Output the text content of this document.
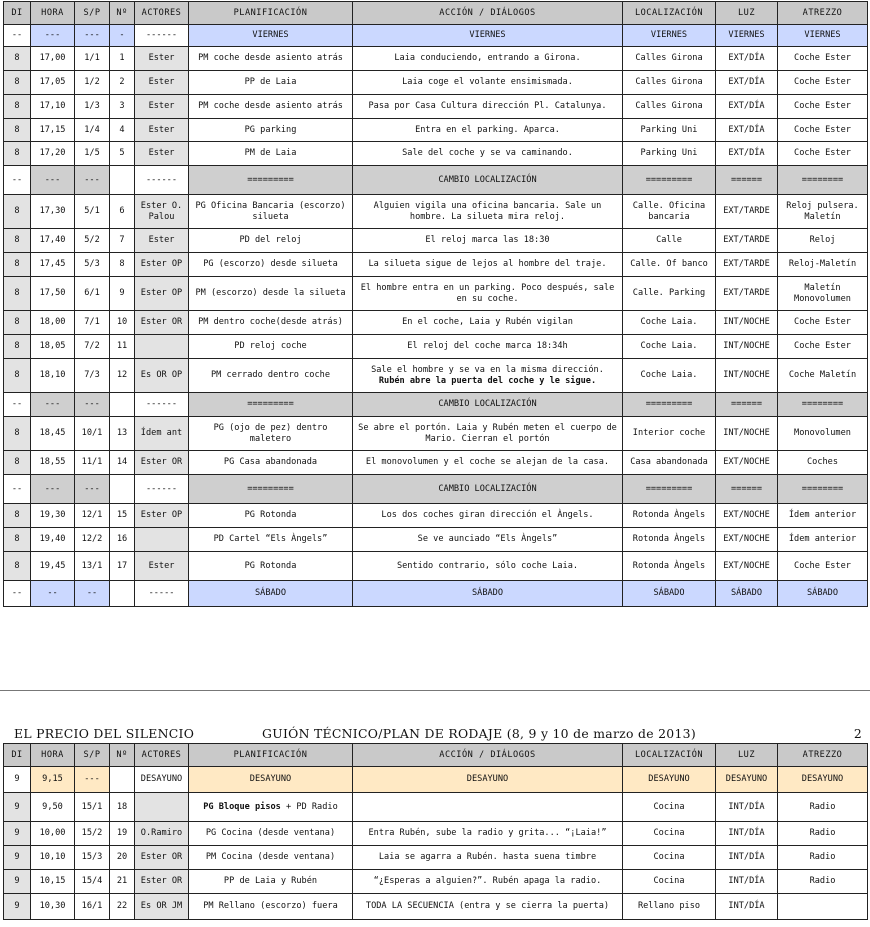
DI	HORA	S/P	Nº	ACTORES	PLANIFICACIÓN	ACCIÓN / DIÁLOGOS	LOCALIZACIÓN	LUZ	ATREZZO
--	---	---	-	------	VIERNES	VIERNES	VIERNES	VIERNES	VIERNES
8	17,00	1/1	1	Ester	PM coche desde asiento atrás	Laia conduciendo, entrando a Girona.	Calles Girona	EXT/DÍA	Coche Ester
8	17,05	1/2	2	Ester	PP de Laia	Laia coge el volante ensimismada.	Calles Girona	EXT/DÍA	Coche Ester
8	17,10	1/3	3	Ester	PM coche desde asiento atrás	Pasa por Casa Cultura dirección Pl. Catalunya.	Calles Girona	EXT/DÍA	Coche Ester
8	17,15	1/4	4	Ester	PG parking	Entra en el parking. Aparca.	Parking Uni	EXT/DÍA	Coche Ester
8	17,20	1/5	5	Ester	PM de Laia	Sale del coche y se va caminando.	Parking Uni	EXT/DÍA	Coche Ester
--	---	---		------	=========	CAMBIO LOCALIZACIÓN	=========	======	========
8	17,30	5/1	6	Ester O. Palou	PG Oficina Bancaria (escorzo) silueta	Alguien vigila una oficina bancaria. Sale un hombre. La silueta mira reloj.	Calle. Oficina bancaria	EXT/TARDE	Reloj pulsera. Maletín
8	17,40	5/2	7	Ester	PD del reloj	El reloj marca las 18:30	Calle	EXT/TARDE	Reloj
8	17,45	5/3	8	Ester OP	PG (escorzo) desde silueta	La silueta sigue de lejos al hombre del traje.	Calle. Of banco	EXT/TARDE	Reloj-Maletín
8	17,50	6/1	9	Ester OP	PM (escorzo) desde la silueta	El hombre entra en un parking. Poco después, sale en su coche.	Calle. Parking	EXT/TARDE	Maletín Monovolumen
8	18,00	7/1	10	Ester OR	PM dentro coche(desde atrás)	En el coche, Laia y Rubén vigilan	Coche Laia.	INT/NOCHE	Coche Ester
8	18,05	7/2	11		PD reloj coche	El reloj del coche marca 18:34h	Coche Laia.	INT/NOCHE	Coche Ester
8	18,10	7/3	12	Es OR OP	PM cerrado dentro coche	Sale el hombre y se va en la misma dirección.
Rubén abre la puerta del coche y le sigue.	Coche Laia.	INT/NOCHE	Coche Maletín
--	---	---		------	=========	CAMBIO LOCALIZACIÓN	=========	======	========
8	18,45	10/1	13	Ídem ant	PG (ojo de pez) dentro maletero	Se abre el portón. Laia y Rubén meten el cuerpo de Mario. Cierran el portón	Interior coche	INT/NOCHE	Monovolumen
8	18,55	11/1	14	Ester OR	PG Casa abandonada	El monovolumen y el coche se alejan de la casa.	Casa abandonada	EXT/NOCHE	Coches
--	---	---		------	=========	CAMBIO LOCALIZACIÓN	=========	======	========
8	19,30	12/1	15	Ester OP	PG Rotonda	Los dos coches giran dirección el Àngels.	Rotonda Àngels	EXT/NOCHE	Ídem anterior
8	19,40	12/2	16		PD Cartel “Els Àngels”	Se ve aunciado “Els Àngels”	Rotonda Àngels	EXT/NOCHE	Ídem anterior
8	19,45	13/1	17	Ester	PG Rotonda	Sentido contrario, sólo coche Laia.	Rotonda Àngels	EXT/NOCHE	Coche Ester
--	--	--		-----	SÁBADO	SÁBADO	SÁBADO	SÁBADO	SÁBADO
EL PRECIO DEL SILENCIO	GUIÓN TÉCNICO/PLAN DE RODAJE (8, 9 y 10 de marzo de 2013)	2
DI	HORA	S/P	Nº	ACTORES	PLANIFICACIÓN	ACCIÓN / DIÁLOGOS	LOCALIZACIÓN	LUZ	ATREZZO
9	9,15	---		DESAYUNO	DESAYUNO	DESAYUNO	DESAYUNO	DESAYUNO	DESAYUNO
9	9,50	15/1	18		PG Bloque pisos + PD Radio		Cocina	INT/DÍA	Radio
9	10,00	15/2	19	O.Ramiro	PG Cocina (desde ventana)	Entra Rubén, sube la radio y grita... “¡Laia!”	Cocina	INT/DÍA	Radio
9	10,10	15/3	20	Ester OR	PM Cocina (desde ventana)	Laia se agarra a Rubén. hasta suena timbre	Cocina	INT/DÍA	Radio
9	10,15	15/4	21	Ester OR	PP de Laia y Rubén	“¿Esperas a alguien?”. Rubén apaga la radio.	Cocina	INT/DÍA	Radio
9	10,30	16/1	22	Es OR JM	PM Rellano (escorzo) fuera	TODA LA SECUENCIA (entra y se cierra la puerta)	Rellano piso	INT/DÍA	
